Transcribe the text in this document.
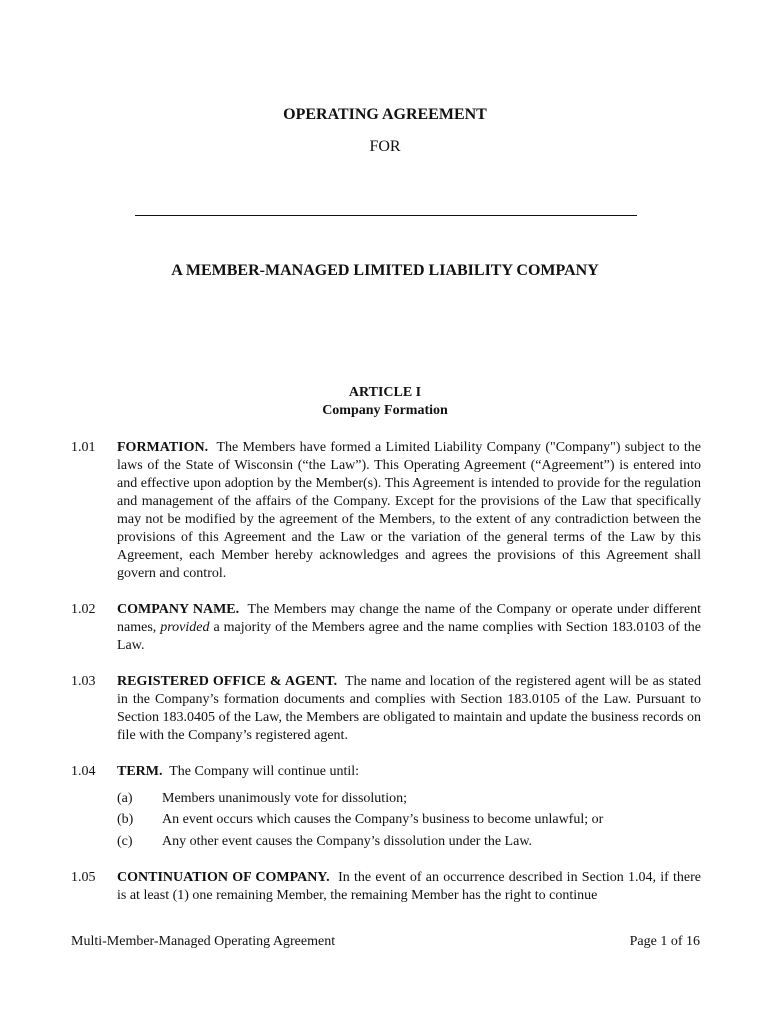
OPERATING AGREEMENT
FOR
A MEMBER-MANAGED LIMITED LIABILITY COMPANY
ARTICLE I
Company Formation
1.01	FORMATION. The Members have formed a Limited Liability Company ("Company") subject to the laws of the State of Wisconsin (“the Law”). This Operating Agreement (“Agreement”) is entered into and effective upon adoption by the Member(s). This Agreement is intended to provide for the regulation and management of the affairs of the Company. Except for the provisions of the Law that specifically may not be modified by the agreement of the Members, to the extent of any contradiction between the provisions of this Agreement and the Law or the variation of the general terms of the Law by this Agreement, each Member hereby acknowledges and agrees the provisions of this Agreement shall govern and control.
1.02	COMPANY NAME. The Members may change the name of the Company or operate under different names, provided a majority of the Members agree and the name complies with Section 183.0103 of the Law.
1.03	REGISTERED OFFICE & AGENT. The name and location of the registered agent will be as stated in the Company’s formation documents and complies with Section 183.0105 of the Law. Pursuant to Section 183.0405 of the Law, the Members are obligated to maintain and update the business records on file with the Company’s registered agent.
1.04	TERM. The Company will continue until:
(a)	Members unanimously vote for dissolution;
(b)	An event occurs which causes the Company’s business to become unlawful; or
(c)	Any other event causes the Company’s dissolution under the Law.
1.05	CONTINUATION OF COMPANY. In the event of an occurrence described in Section 1.04, if there is at least (1) one remaining Member, the remaining Member has the right to continue
Multi-Member-Managed Operating Agreement	Page 1 of 16
